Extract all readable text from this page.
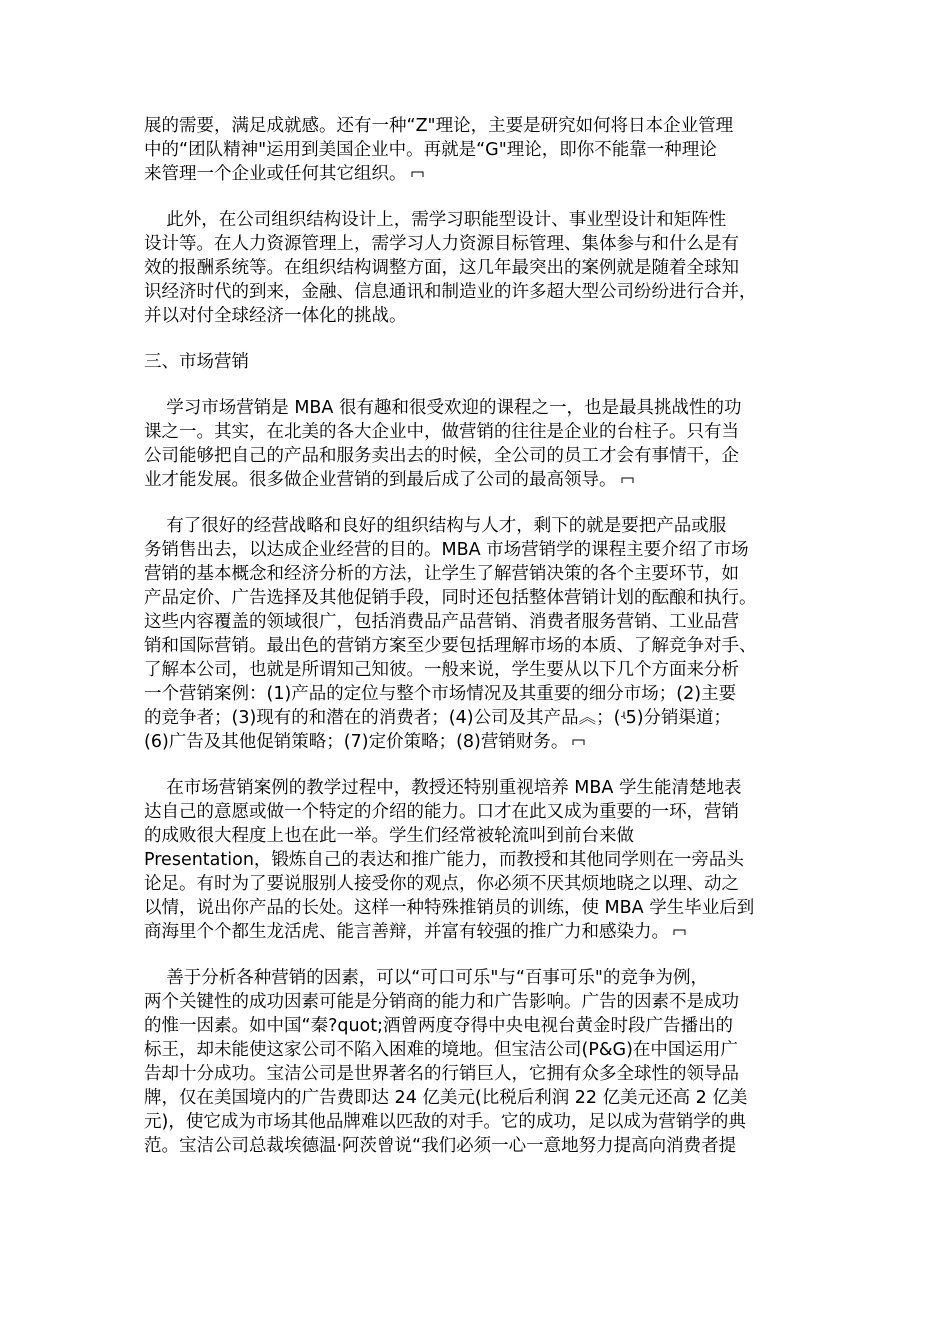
展的需要，满足成就感。还有一种“Z"理论，主要是研究如何将日本企业管理
中的“团队精神"运用到美国企业中。再就是“G"理论，即你不能靠一种理论
来管理一个企业或任何其它组织。
此外，在公司组织结构设计上，需学习职能型设计、事业型设计和矩阵性
设计等。在人力资源管理上，需学习人力资源目标管理、集体参与和什么是有
效的报酬系统等。在组织结构调整方面，这几年最突出的案例就是随着全球知
识经济时代的到来，金融、信息通讯和制造业的许多超大型公司纷纷进行合并，
并以对付全球经济一体化的挑战。
三、市场营销
学习市场营销是 MBA 很有趣和很受欢迎的课程之一，也是最具挑战性的功
课之一。其实，在北美的各大企业中，做营销的往往是企业的台柱子。只有当
公司能够把自己的产品和服务卖出去的时候，全公司的员工才会有事情干，企
业才能发展。很多做企业营销的到最后成了公司的最高领导。
有了很好的经营战略和良好的组织结构与人才，剩下的就是要把产品或服
务销售出去，以达成企业经营的目的。MBA 市场营销学的课程主要介绍了市场
营销的基本概念和经济分析的方法，让学生了解营销决策的各个主要环节，如
产品定价、广告选择及其他促销手段，同时还包括整体营销计划的酝酿和执行。
这些内容覆盖的领域很广，包括消费品产品营销、消费者服务营销、工业品营
销和国际营销。最出色的营销方案至少要包括理解市场的本质、了解竞争对手、
了解本公司，也就是所谓知己知彼。一般来说，学生要从以下几个方面来分析
一个营销案例：(1)产品的定位与整个市场情况及其重要的细分市场；(2)主要
的竞争者；(3)现有的和潜在的消费者；(4)公司及其产品︽；(ʵ5)分销渠道；
(6)广告及其他促销策略；(7)定价策略；(8)营销财务。
在市场营销案例的教学过程中，教授还特别重视培养 MBA 学生能清楚地表
达自己的意愿或做一个特定的介绍的能力。口才在此又成为重要的一环，营销
的成败很大程度上也在此一举。学生们经常被轮流叫到前台来做
Presentation，锻炼自己的表达和推广能力，而教授和其他同学则在一旁品头
论足。有时为了要说服别人接受你的观点，你必须不厌其烦地晓之以理、动之
以情，说出你产品的长处。这样一种特殊推销员的训练，使 MBA 学生毕业后到
商海里个个都生龙活虎、能言善辩，并富有较强的推广力和感染力。
善于分析各种营销的因素，可以“可口可乐"与“百事可乐"的竞争为例，
两个关键性的成功因素可能是分销商的能力和广告影响。广告的因素不是成功
的惟一因素。如中国“秦?quot;酒曾两度夺得中央电视台黄金时段广告播出的
标王，却未能使这家公司不陷入困难的境地。但宝洁公司(P&G)在中国运用广
告却十分成功。宝洁公司是世界著名的行销巨人，它拥有众多全球性的领导品
牌，仅在美国境内的广告费即达 24 亿美元(比税后利润 22 亿美元还高 2 亿美
元)，使它成为市场其他品牌难以匹敌的对手。它的成功，足以成为营销学的典
范。宝洁公司总裁埃德温·阿茨曾说“我们必须一心一意地努力提高向消费者提
